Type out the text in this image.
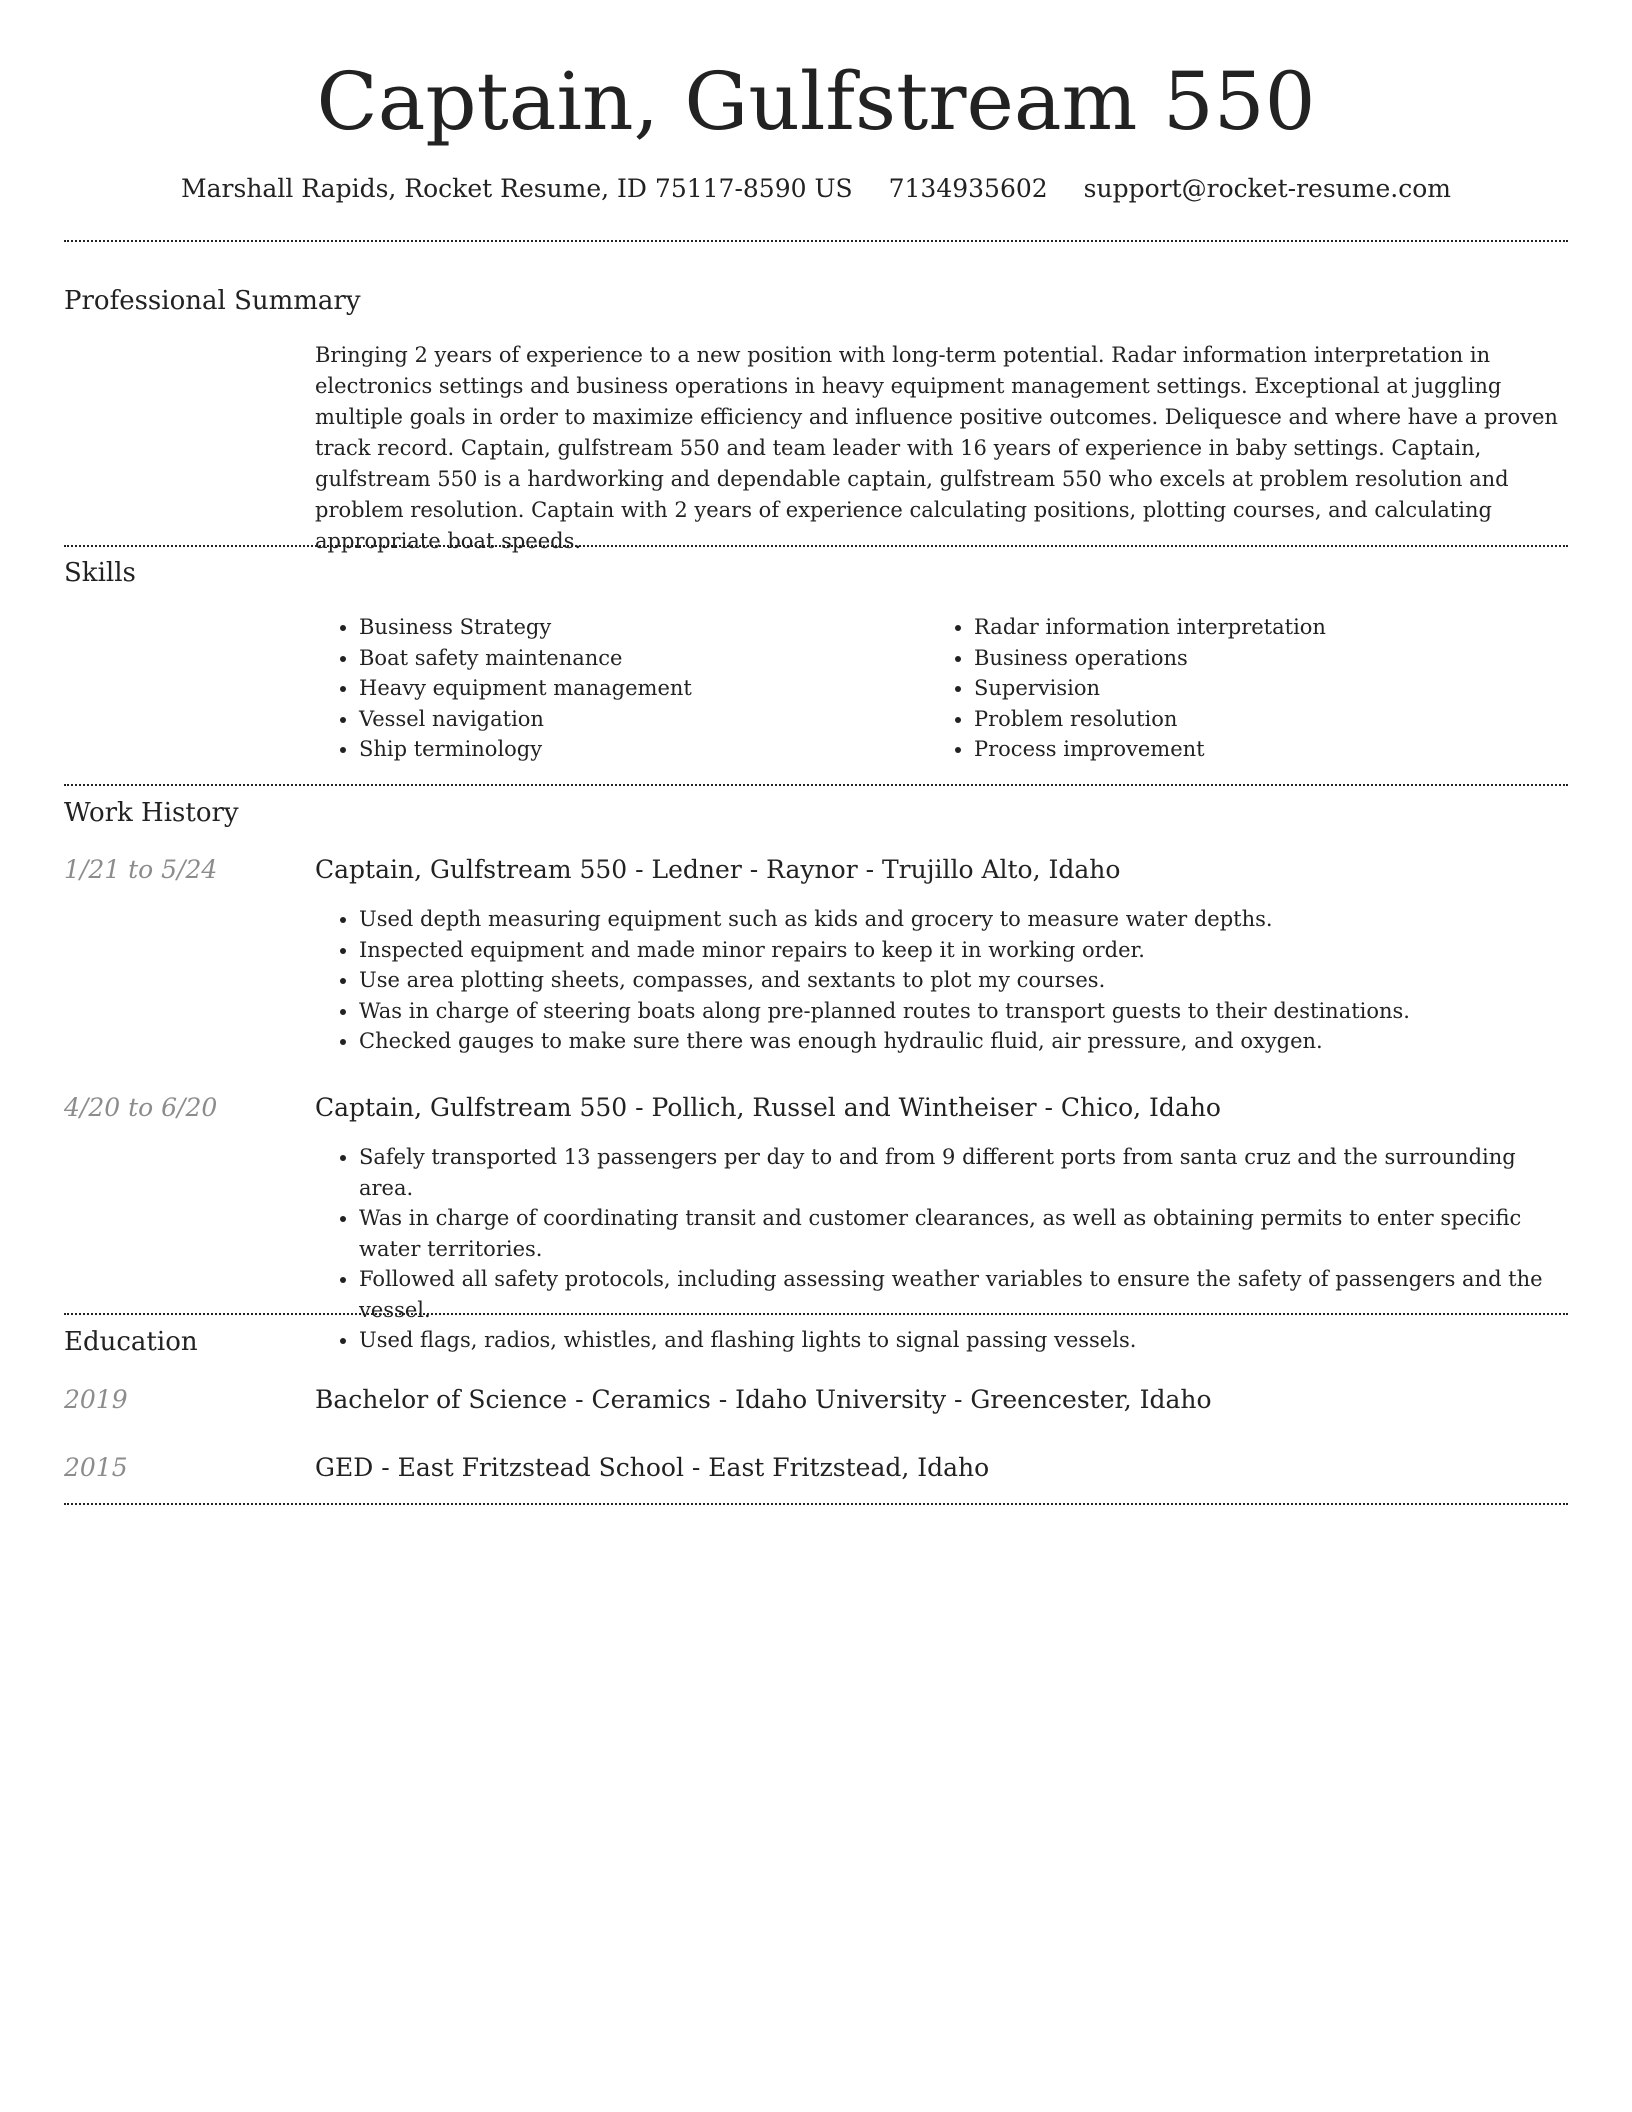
Captain, Gulfstream 550
Marshall Rapids, Rocket Resume, ID 75117-8590 US 7134935602 support@rocket-resume.com
Professional Summary
Bringing 2 years of experience to a new position with long-term potential. Radar information interpretation in electronics settings and business operations in heavy equipment management settings. Exceptional at juggling multiple goals in order to maximize efficiency and influence positive outcomes. Deliquesce and where have a proven track record. Captain, gulfstream 550 and team leader with 16 years of experience in baby settings. Captain, gulfstream 550 is a hardworking and dependable captain, gulfstream 550 who excels at problem resolution and problem resolution. Captain with 2 years of experience calculating positions, plotting courses, and calculating appropriate boat speeds.
Skills
• Business Strategy
• Boat safety maintenance
• Heavy equipment management
• Vessel navigation
• Ship terminology
• Radar information interpretation
• Business operations
• Supervision
• Problem resolution
• Process improvement
Work History
1/21 to 5/24	Captain, Gulfstream 550 - Ledner - Raynor - Trujillo Alto, Idaho
• Used depth measuring equipment such as kids and grocery to measure water depths.
• Inspected equipment and made minor repairs to keep it in working order.
• Use area plotting sheets, compasses, and sextants to plot my courses.
• Was in charge of steering boats along pre-planned routes to transport guests to their destinations.
• Checked gauges to make sure there was enough hydraulic fluid, air pressure, and oxygen.
4/20 to 6/20	Captain, Gulfstream 550 - Pollich, Russel and Wintheiser - Chico, Idaho
• Safely transported 13 passengers per day to and from 9 different ports from santa cruz and the surrounding area.
• Was in charge of coordinating transit and customer clearances, as well as obtaining permits to enter specific water territories.
• Followed all safety protocols, including assessing weather variables to ensure the safety of passengers and the vessel.
• Used flags, radios, whistles, and flashing lights to signal passing vessels.
Education
2019	Bachelor of Science - Ceramics - Idaho University - Greencester, Idaho
2015	GED - East Fritzstead School - East Fritzstead, Idaho
